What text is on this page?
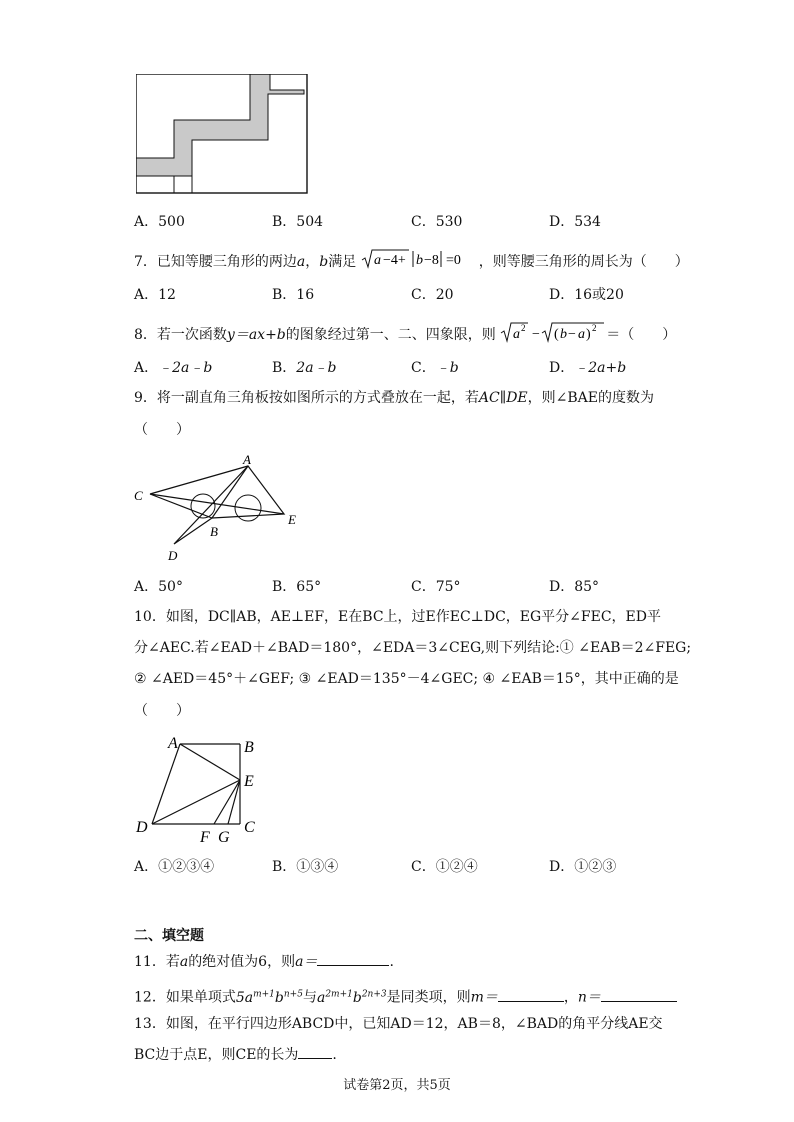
A．500	B．504	C．530	D．534
7．已知等腰三角形的两边a，b满足 a −4+ b −8 =0 ，则等腰三角形的周长为（　　）
A．12	B．16	C．20	D．16或20
8．若一次函数y＝ax+b的图象经过第一、二、四象限，则 a 2 − ( b − a ) 2 ＝（　　）
A．﹣2a﹣b	B．2a﹣b	C．﹣b	D．﹣2a+b
9．将一副直角三角板按如图所示的方式叠放在一起，若AC∥DE，则∠BAE的度数为
（　　）
A
B
C
D
E
A．50°	B．65°	C．75°	D．85°
10．如图，DC∥AB，AE⊥EF，E在BC上，过E作EC⊥DC，EG平分∠FEC，ED平
分∠AEC.若∠EAD＋∠BAD＝180°，∠EDA＝3∠CEG,则下列结论:① ∠EAB＝2∠FEG;
② ∠AED＝45°＋∠GEF; ③ ∠EAD＝135°－4∠GEC; ④ ∠EAB＝15°，其中正确的是
（　　）
A	B
E
D	C
F G
A．①②③④	B．①③④	C．①②④	D．①②③
二、填空题
11．若a的绝对值为6，则a＝	.
12．如果单项式$5a^{m+1}b^{n+5}$与$a^{2m+1}b^{2n+3}$是同类项，则m＝	，n＝
13．如图，在平行四边形ABCD中，已知AD＝12，AB＝8，∠BAD的角平分线AE交
BC边于点E，则CE的长为 .
试卷第2页，共5页
